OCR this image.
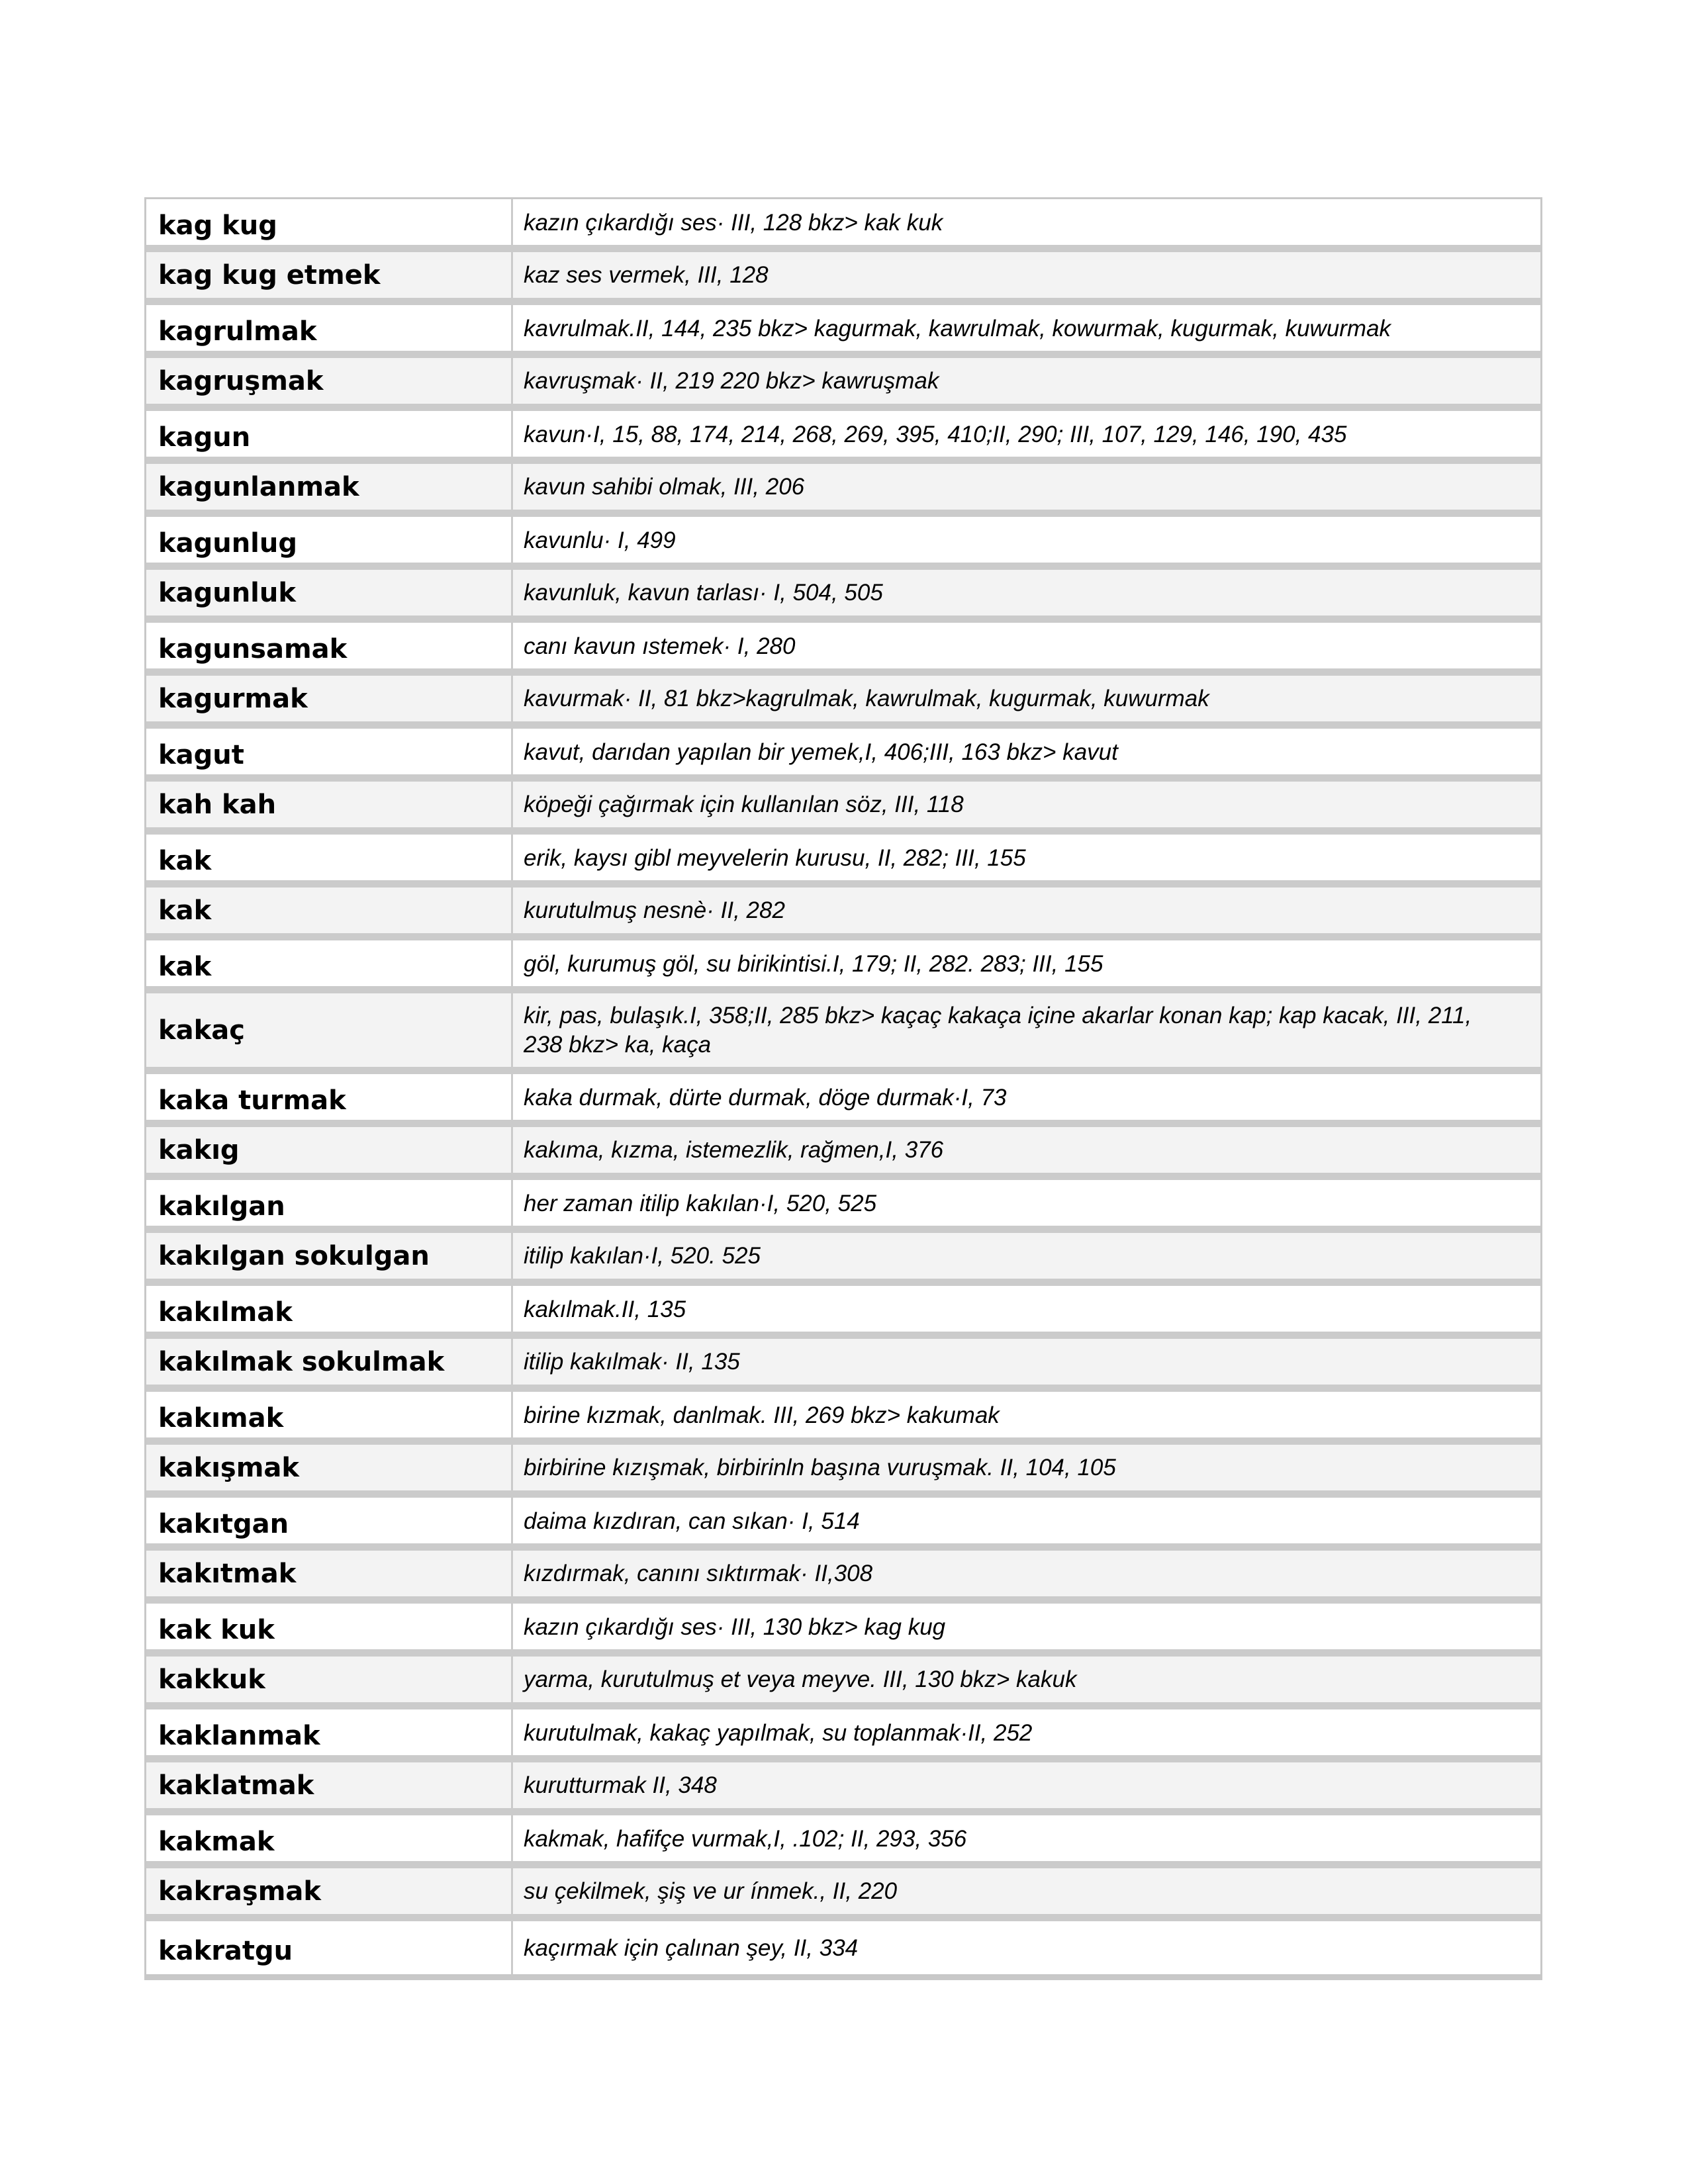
kag kug	kazın çıkardığı ses· III, 128 bkz> kak kuk
kag kug etmek	kaz ses vermek, III, 128
kagrulmak	kavrulmak.II, 144, 235 bkz> kagurmak, kawrulmak, kowurmak, kugurmak, kuwurmak
kagruşmak	kavruşmak· II, 219 220 bkz> kawruşmak
kagun	kavun·I, 15, 88, 174, 214, 268, 269, 395, 410;II, 290; III, 107, 129, 146, 190, 435
kagunlanmak	kavun sahibi olmak, III, 206
kagunlug	kavunlu· I, 499
kagunluk	kavunluk, kavun tarlası· I, 504, 505
kagunsamak	canı kavun ıstemek· I, 280
kagurmak	kavurmak· II, 81 bkz>kagrulmak, kawrulmak, kugurmak, kuwurmak
kagut	kavut, darıdan yapılan bir yemek,I, 406;III, 163 bkz> kavut
kah kah	köpeği çağırmak için kullanılan söz, III, 118
kak	erik, kaysı gibl meyvelerin kurusu, II, 282; III, 155
kak	kurutulmuş nesnè· II, 282
kak	göl, kurumuş göl, su birikintisi.I, 179; II, 282. 283; III, 155
kakaç	kir, pas, bulaşık.I, 358;II, 285 bkz> kaçaç kakaça içine akarlar konan kap; kap kacak, III, 211, 238 bkz> ka, kaça
kaka turmak	kaka durmak, dürte durmak, döge durmak·I, 73
kakıg	kakıma, kızma, istemezlik, rağmen,I, 376
kakılgan	her zaman itilip kakılan·I, 520, 525
kakılgan sokulgan	itilip kakılan·I, 520. 525
kakılmak	kakılmak.II, 135
kakılmak sokulmak	itilip kakılmak· II, 135
kakımak	birine kızmak, danlmak. III, 269 bkz> kakumak
kakışmak	birbirine kızışmak, birbirinln başına vuruşmak. II, 104, 105
kakıtgan	daima kızdıran, can sıkan· I, 514
kakıtmak	kızdırmak, canını sıktırmak· II,308
kak kuk	kazın çıkardığı ses· III, 130 bkz> kag kug
kakkuk	yarma, kurutulmuş et veya meyve. III, 130 bkz> kakuk
kaklanmak	kurutulmak, kakaç yapılmak, su toplanmak·II, 252
kaklatmak	kurutturmak II, 348
kakmak	kakmak, hafifçe vurmak,I, .102; II, 293, 356
kakraşmak	su çekilmek, şiş ve ur ínmek., II, 220
kakratgu	kaçırmak için çalınan şey, II, 334
